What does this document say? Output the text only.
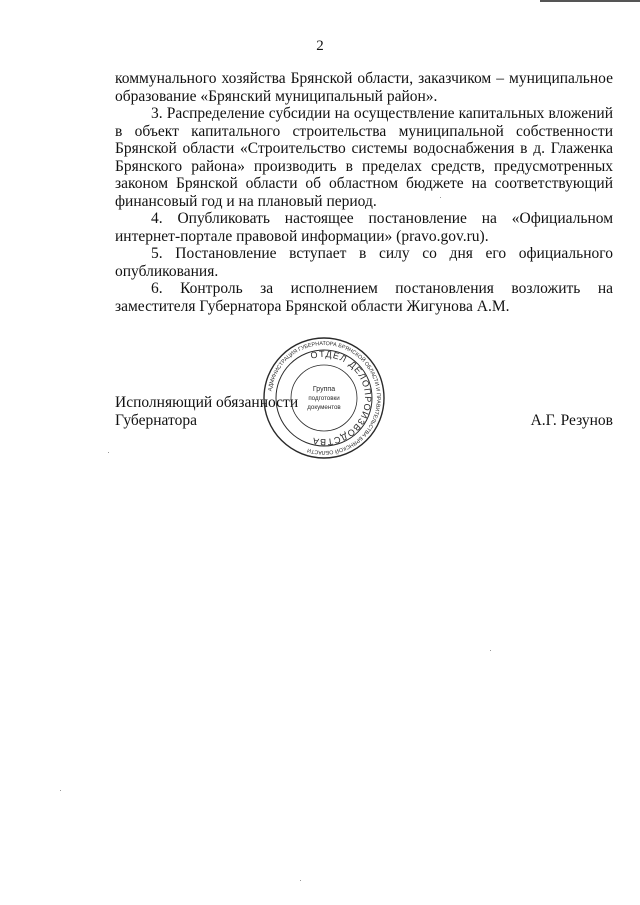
2

коммунального хозяйства Брянской области, заказчиком – муниципальное образование «Брянский муниципальный район».

3. Распределение субсидии на осуществление капитальных вложений в объект капитального строительства муниципальной собственности Брянской области «Строительство системы водоснабжения в д. Глаженка Брянского района» производить в пределах средств, предусмотренных законом Брянской области об областном бюджете на соответствующий финансовый год и на плановый период.

4. Опубликовать настоящее постановление на «Официальном интернет-портале правовой информации» (pravo.gov.ru).

5. Постановление вступает в силу со дня его официального опубликования.

6. Контроль за исполнением постановления возложить на заместителя Губернатора Брянской области Жигунова А.М.

Исполняющий обязанности
Губернатора	А.Г. Резунов
АДМИНИСТРАЦИЯ ГУБЕРНАТОРА БРЯНСКОЙ ОБЛАСТИ И ПРАВИТЕЛЬСТВА БРЯНСКОЙ ОБЛАСТИ
ОТДЕЛ ДЕЛОПРОИЗВОДСТВА
Группа
подготовки
документов
